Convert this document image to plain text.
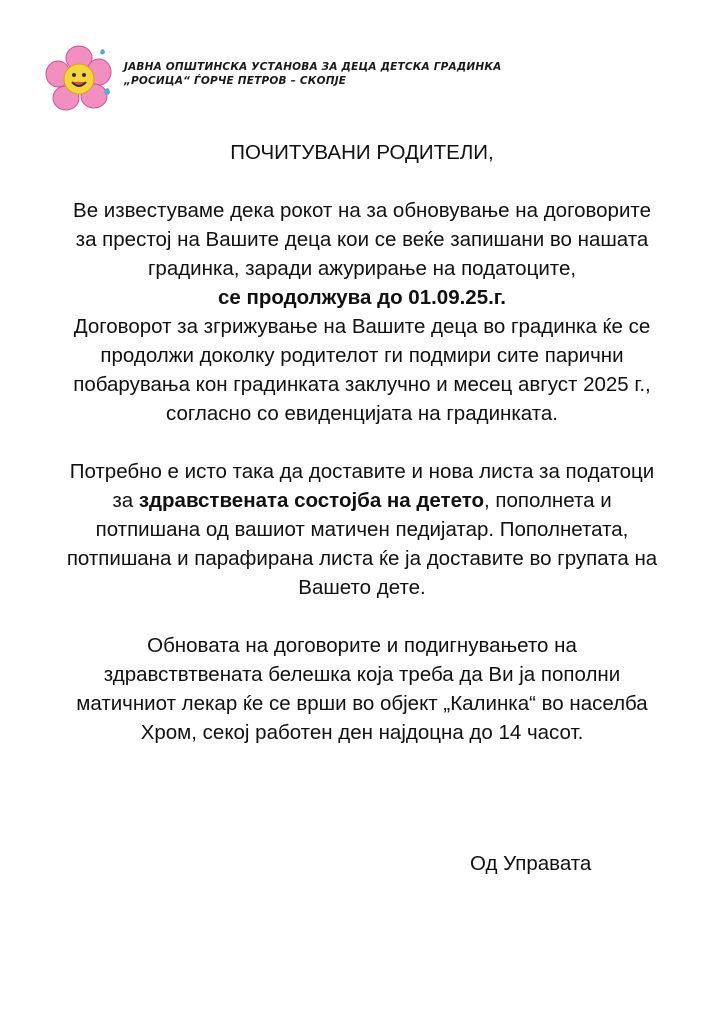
ЈАВНА ОПШТИНСКА УСТАНОВА ЗА ДЕЦА ДЕТСКА ГРАДИНКА
„РОСИЦА“ ЃОРЧЕ ПЕТРОВ – СКОПЈЕ

ПОЧИТУВАНИ РОДИТЕЛИ,

Ве известуваме дека рокот на за обновување на договорите

за престој на Вашите деца кои се веќе запишани во нашата

градинка, заради ажурирање на податоците,

се продолжува до 01.09.25.г.

Договорот за згрижување на Вашите деца во градинка ќе се

продолжи доколку родителот ги подмири сите парични

побарувања кон градинката заклучно и месец август 2025 г.,

согласно со евиденцијата на градинката.

Потребно е исто така да доставите и нова листа за податоци

за здравствената состојба на детето, пополнета и

потпишана од вашиот матичен педијатар. Пополнетата,

потпишана и парафирана листа ќе ја доставите во групата на

Вашето дете.

Обновата на договорите и подигнувањето на

здравствтвената белешка која треба да Ви ја пополни

матичниот лекар ќе се врши во објект „Калинка“ во населба

Хром, секој работен ден најдоцна до 14 часот.

Од Управата
